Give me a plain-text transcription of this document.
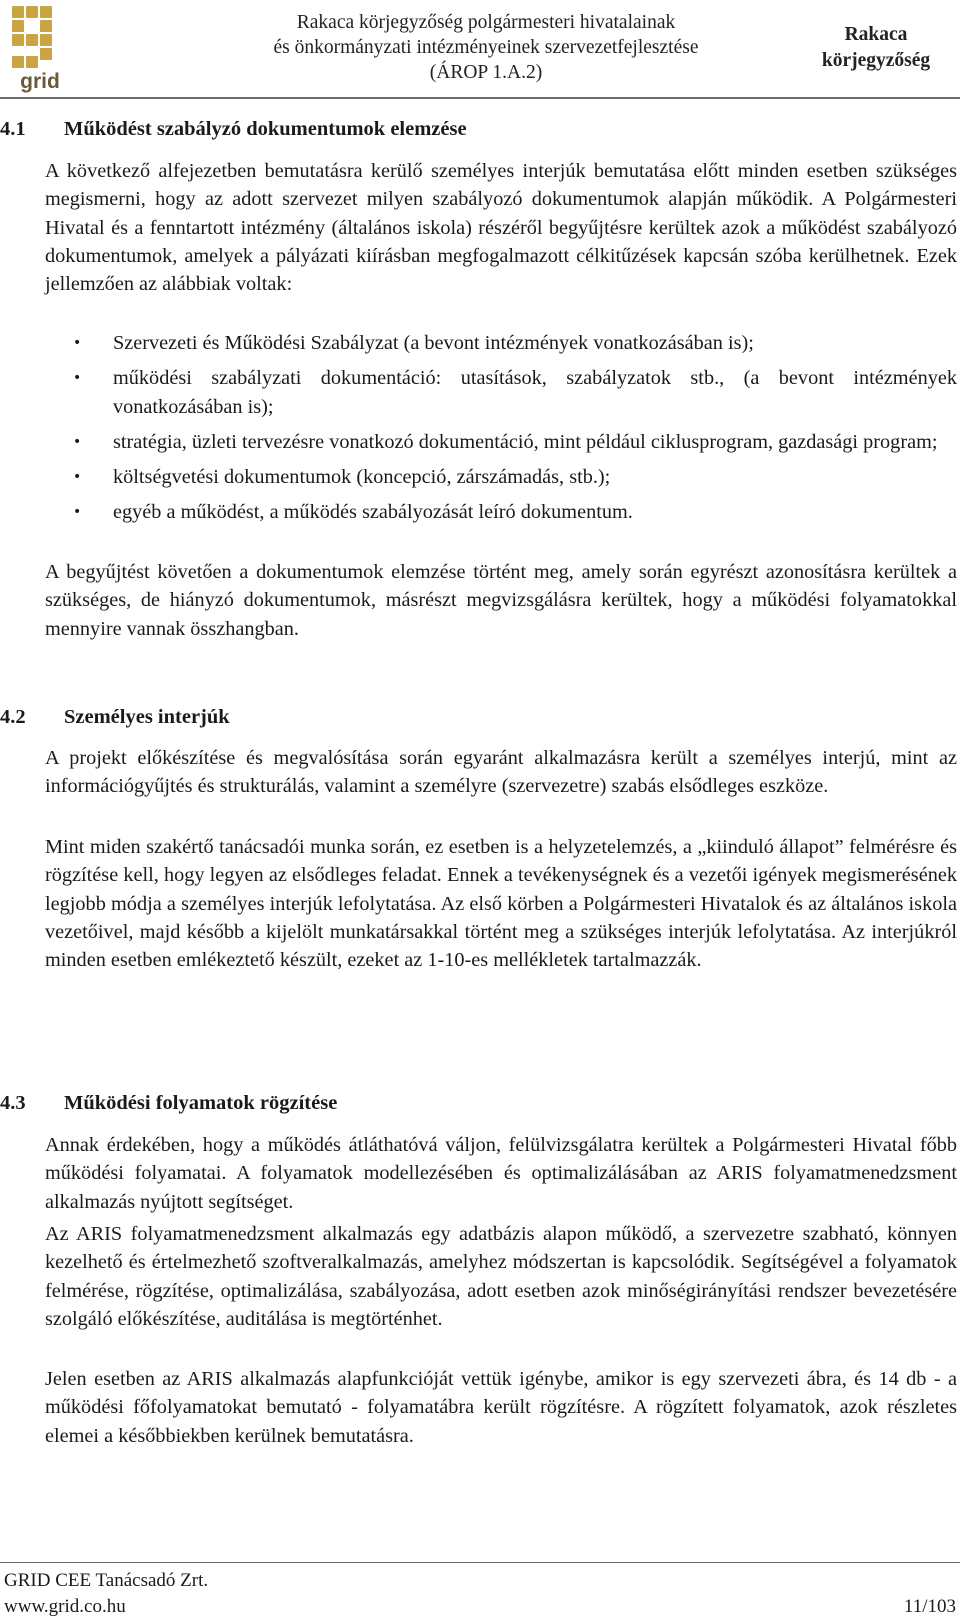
grid
Rakaca körjegyzőség polgármesteri hivatalainak
és önkormányzati intézményeinek szervezetfejlesztése
(ÁROP 1.A.2)
Rakaca
körjegyzőség
4.1 Működést szabályzó dokumentumok elemzése

A következő alfejezetben bemutatásra kerülő személyes interjúk bemutatása előtt minden esetben szükséges megismerni, hogy az adott szervezet milyen szabályozó dokumentumok alapján működik. A Polgármesteri Hivatal és a fenntartott intézmény (általános iskola) részéről begyűjtésre kerültek azok a működést szabályozó dokumentumok, amelyek a pályázati kiírásban megfogalmazott célkitűzések kapcsán szóba kerülhetnek. Ezek jellemzően az alábbiak voltak:

• Szervezeti és Működési Szabályzat (a bevont intézmények vonatkozásában is);
• működési szabályzati dokumentáció: utasítások, szabályzatok stb., (a bevont intézmények vonatkozásában is);
• stratégia, üzleti tervezésre vonatkozó dokumentáció, mint például ciklusprogram, gazdasági program;
• költségvetési dokumentumok (koncepció, zárszámadás, stb.);
• egyéb a működést, a működés szabályozását leíró dokumentum.

A begyűjtést követően a dokumentumok elemzése történt meg, amely során egyrészt azonosításra kerültek a szükséges, de hiányzó dokumentumok, másrészt megvizsgálásra kerültek, hogy a működési folyamatokkal mennyire vannak összhangban.

4.2 Személyes interjúk

A projekt előkészítése és megvalósítása során egyaránt alkalmazásra került a személyes interjú, mint az információgyűjtés és strukturálás, valamint a személyre (szervezetre) szabás elsődleges eszköze.

Mint miden szakértő tanácsadói munka során, ez esetben is a helyzetelemzés, a „kiinduló állapot” felmérésre és rögzítése kell, hogy legyen az elsődleges feladat. Ennek a tevékenységnek és a vezetői igények megismerésének legjobb módja a személyes interjúk lefolytatása. Az első körben a Polgármesteri Hivatalok és az általános iskola vezetőivel, majd később a kijelölt munkatársakkal történt meg a szükséges interjúk lefolytatása. Az interjúkról minden esetben emlékeztető készült, ezeket az 1-10-es mellékletek tartalmazzák.

4.3 Működési folyamatok rögzítése

Annak érdekében, hogy a működés átláthatóvá váljon, felülvizsgálatra kerültek a Polgármesteri Hivatal főbb működési folyamatai. A folyamatok modellezésében és optimalizálásában az ARIS folyamatmenedzsment alkalmazás nyújtott segítséget.

Az ARIS folyamatmenedzsment alkalmazás egy adatbázis alapon működő, a szervezetre szabható, könnyen kezelhető és értelmezhető szoftveralkalmazás, amelyhez módszertan is kapcsolódik. Segítségével a folyamatok felmérése, rögzítése, optimalizálása, szabályozása, adott esetben azok minőségirányítási rendszer bevezetésére szolgáló előkészítése, auditálása is megtörténhet.

Jelen esetben az ARIS alkalmazás alapfunkcióját vettük igénybe, amikor is egy szervezeti ábra, és 14 db - a működési főfolyamatokat bemutató - folyamatábra került rögzítésre. A rögzített folyamatok, azok részletes elemei a későbbiekben kerülnek bemutatásra.

GRID CEE Tanácsadó Zrt.
www.grid.co.hu	11/103
